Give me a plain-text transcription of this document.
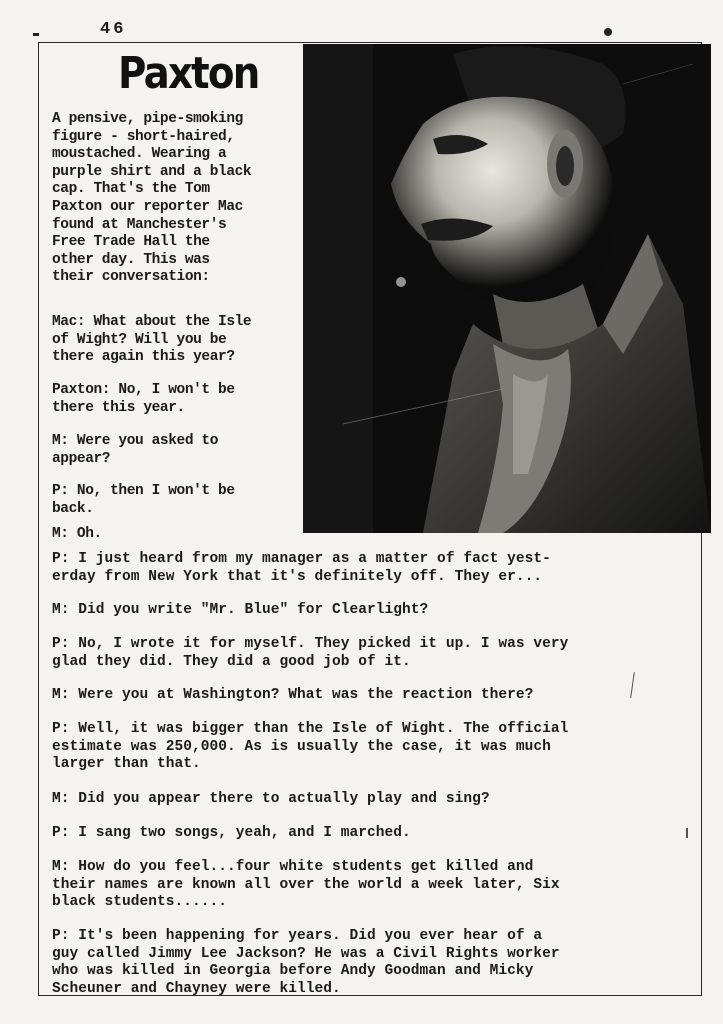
46
Paxton
A pensive, pipe-smoking
figure - short-haired,
moustached. Wearing a
purple shirt and a black
cap. That's the Tom
Paxton our reporter Mac
found at Manchester's
Free Trade Hall the
other day. This was
their conversation:
Mac: What about the Isle
of Wight? Will you be
there again this year?
Paxton: No, I won't be
there this year.
M: Were you asked to
appear?
P: No, then I won't be
back.
M: Oh.
P: I just heard from my manager as a matter of fact yest-
erday from New York that it's definitely off. They er...
M: Did you write "Mr. Blue" for Clearlight?
P: No, I wrote it for myself. They picked it up. I was very
glad they did. They did a good job of it.
M: Were you at Washington? What was the reaction there?
P: Well, it was bigger than the Isle of Wight. The official
estimate was 250,000. As is usually the case, it was much
larger than that.
M: Did you appear there to actually play and sing?
P: I sang two songs, yeah, and I marched.
M: How do you feel...four white students get killed and
their names are known all over the world a week later, Six
black students......
P: It's been happening for years. Did you ever hear of a
guy called Jimmy Lee Jackson? He was a Civil Rights worker
who was killed in Georgia before Andy Goodman and Micky
Scheuner and Chayney were killed.
